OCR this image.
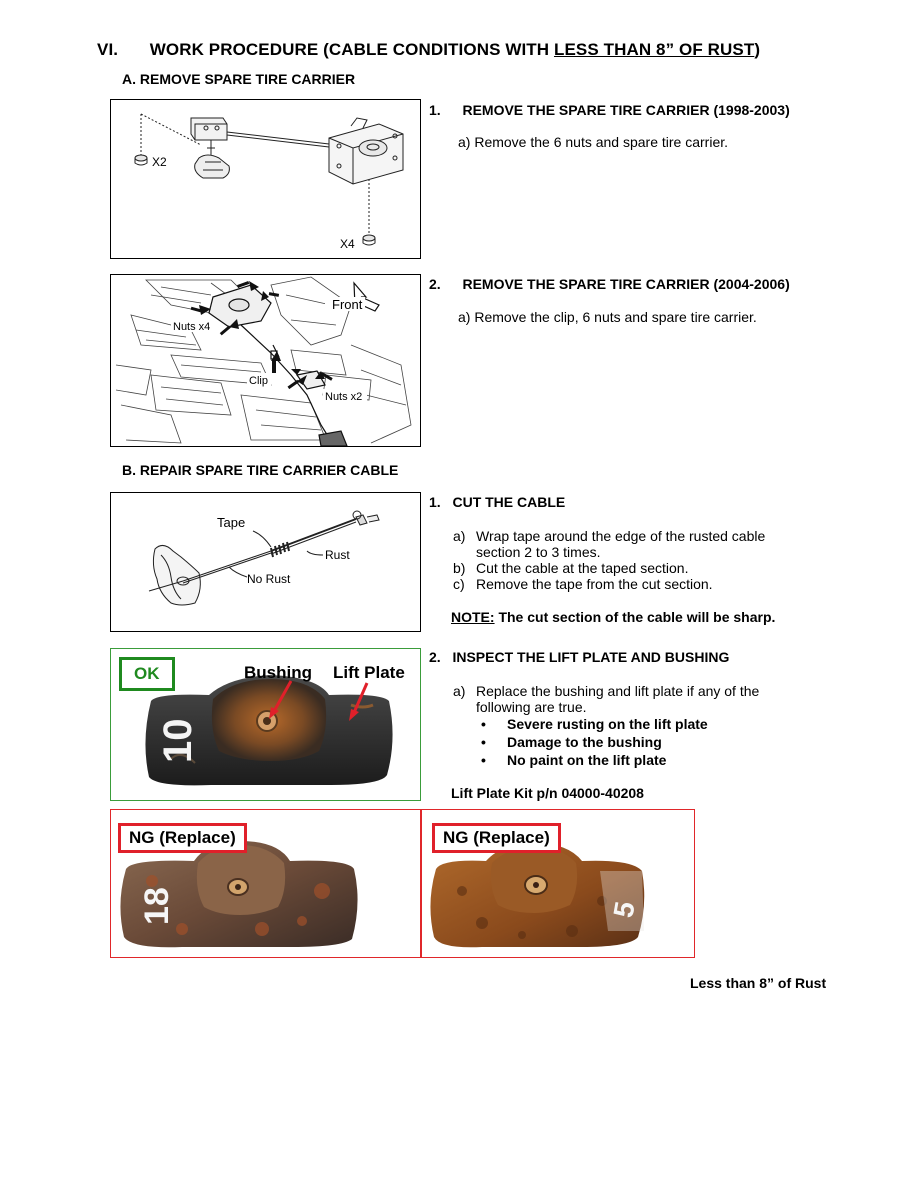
VI. WORK PROCEDURE (CABLE CONDITIONS WITH LESS THAN 8” OF RUST)
A. REMOVE SPARE TIRE CARRIER
X2
X4
1. REMOVE THE SPARE TIRE CARRIER (1998-2003)
a) Remove the 6 nuts and spare tire carrier.
Front
Nuts x4
Clip
Nuts x2
2. REMOVE THE SPARE TIRE CARRIER (2004-2006)
a) Remove the clip, 6 nuts and spare tire carrier.
B. REPAIR SPARE TIRE CARRIER CABLE
Tape
Rust
No Rust
1. CUT THE CABLE
a) Wrap tape around the edge of the rusted cable section 2 to 3 times.
b) Cut the cable at the taped section.
c) Remove the tape from the cut section.
NOTE: The cut section of the cable will be sharp.
10
OK	Bushing Lift Plate
2. INSPECT THE LIFT PLATE AND BUSHING
a) Replace the bushing and lift plate if any of the following are true.
• Severe rusting on the lift plate
• Damage to the bushing
• No paint on the lift plate
Lift Plate Kit p/n 04000-40208
18
NG (Replace)
5
NG (Replace)
Less than 8” of Rust
